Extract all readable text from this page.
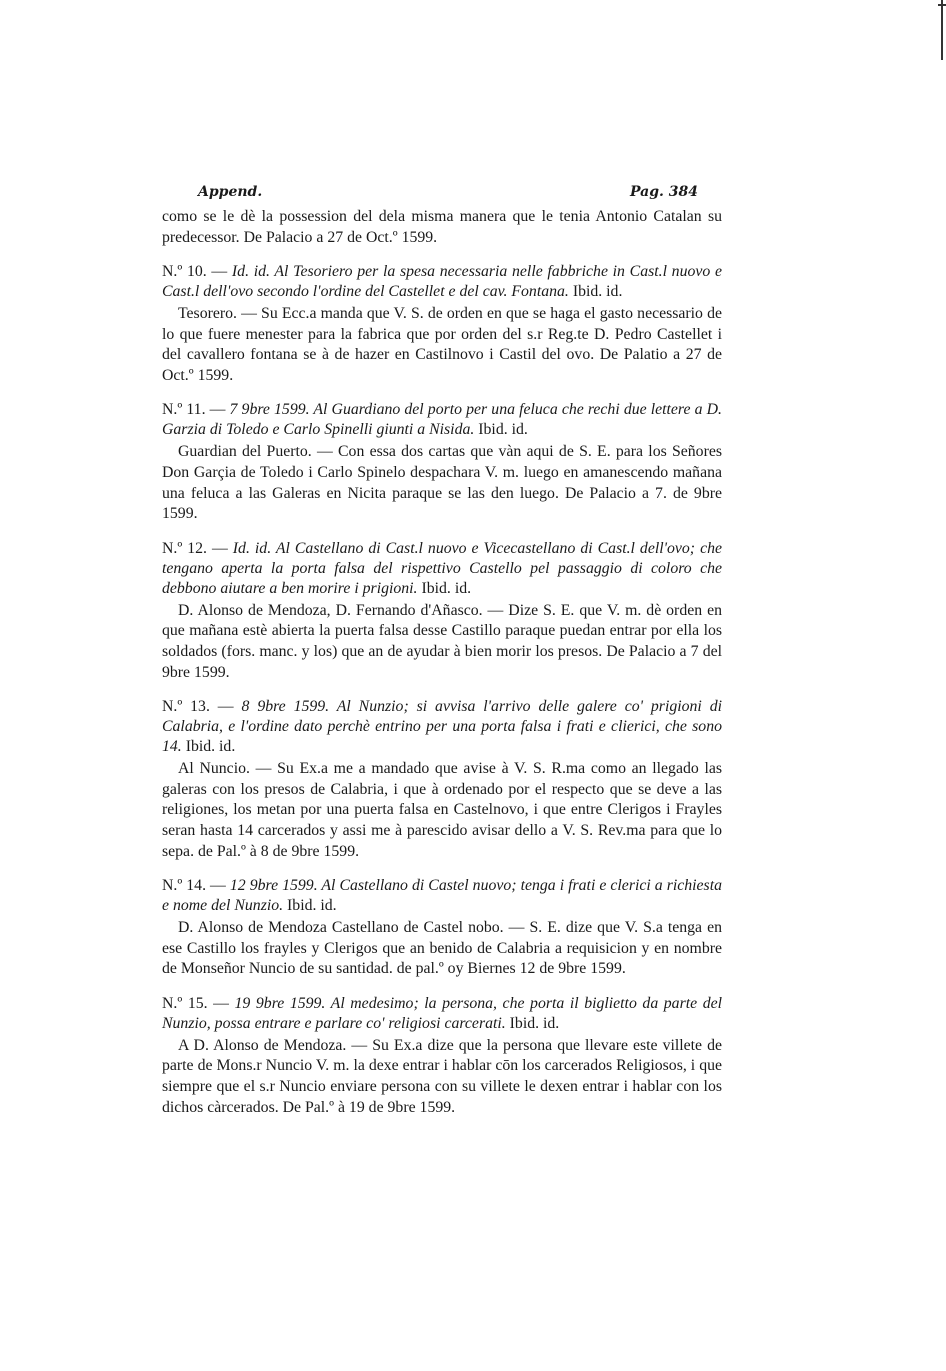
Append.	Pag. 384

como se le dè la possession del dela misma manera que le tenia Antonio Catalan su predecessor. De Palacio a 27 de Oct.º 1599.

N.º 10. — Id. id. Al Tesoriero per la spesa necessaria nelle fabbriche in Cast.l nuovo e Cast.l dell'ovo secondo l'ordine del Castellet e del cav. Fontana. Ibid. id.

Tesorero. — Su Ecc.a manda que V. S. de orden en que se haga el gasto necessario de lo que fuere menester para la fabrica que por orden del s.r Reg.te D. Pedro Castellet i del cavallero fontana se à de hazer en Castilnovo i Castil del ovo. De Palatio a 27 de Oct.º 1599.

N.º 11. — 7 9bre 1599. Al Guardiano del porto per una feluca che rechi due lettere a D. Garzia di Toledo e Carlo Spinelli giunti a Nisida. Ibid. id.

Guardian del Puerto. — Con essa dos cartas que vàn aqui de S. E. para los Señores Don Garçia de Toledo i Carlo Spinelo despachara V. m. luego en amanescendo mañana una feluca a las Galeras en Nicita paraque se las den luego. De Palacio a 7. de 9bre 1599.

N.º 12. — Id. id. Al Castellano di Cast.l nuovo e Vicecastellano di Cast.l dell'ovo; che tengano aperta la porta falsa del rispettivo Castello pel passaggio di coloro che debbono aiutare a ben morire i prigioni. Ibid. id.

D. Alonso de Mendoza, D. Fernando d'Añasco. — Dize S. E. que V. m. dè orden en que mañana estè abierta la puerta falsa desse Castillo paraque puedan entrar por ella los soldados (fors. manc. y los) que an de ayudar à bien morir los presos. De Palacio a 7 del 9bre 1599.

N.º 13. — 8 9bre 1599. Al Nunzio; si avvisa l'arrivo delle galere co' prigioni di Calabria, e l'ordine dato perchè entrino per una porta falsa i frati e clierici, che sono 14. Ibid. id.

Al Nuncio. — Su Ex.a me a mandado que avise à V. S. R.ma como an llegado las galeras con los presos de Calabria, i que à ordenado por el respecto que se deve a las religiones, los metan por una puerta falsa en Castelnovo, i que entre Clerigos i Frayles seran hasta 14 carcerados y assi me à parescido avisar dello a V. S. Rev.ma para que lo sepa. de Pal.º à 8 de 9bre 1599.

N.º 14. — 12 9bre 1599. Al Castellano di Castel nuovo; tenga i frati e clerici a richiesta e nome del Nunzio. Ibid. id.

D. Alonso de Mendoza Castellano de Castel nobo. — S. E. dize que V. S.a tenga en ese Castillo los frayles y Clerigos que an benido de Calabria a requisicion y en nombre de Monseñor Nuncio de su santidad. de pal.º oy Biernes 12 de 9bre 1599.

N.º 15. — 19 9bre 1599. Al medesimo; la persona, che porta il biglietto da parte del Nunzio, possa entrare e parlare co' religiosi carcerati. Ibid. id.

A D. Alonso de Mendoza. — Su Ex.a dize que la persona que llevare este villete de parte de Mons.r Nuncio V. m. la dexe entrar i hablar cōn los carcerados Religiosos, i que siempre que el s.r Nuncio enviare persona con su villete le dexen entrar i hablar con los dichos càrcerados. De Pal.º à 19 de 9bre 1599.
